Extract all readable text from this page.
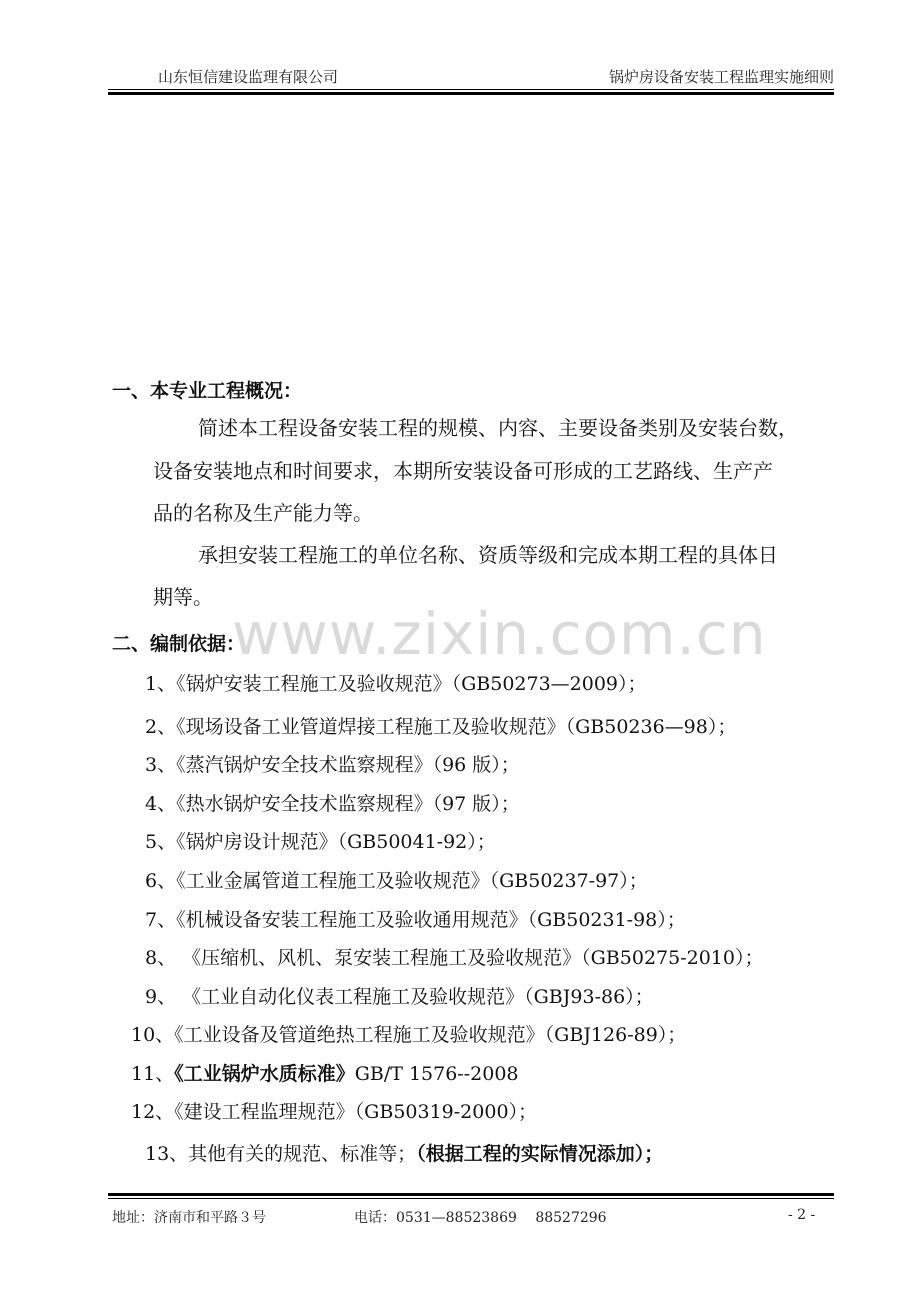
山东恒信建设监理有限公司	锅炉房设备安装工程监理实施细则
一、本专业工程概况：
简述本工程设备安装工程的规模、内容、主要设备类别及安装台数，
设备安装地点和时间要求，本期所安装设备可形成的工艺路线、生产产
品的名称及生产能力等。
承担安装工程施工的单位名称、资质等级和完成本期工程的具体日
期等。
www.zixin.com.cn
二、编制依据：
1、《锅炉安装工程施工及验收规范》（GB50273—2009）；
2、《现场设备工业管道焊接工程施工及验收规范》（GB50236—98）；
3、《蒸汽锅炉安全技术监察规程》（96 版）；
4、《热水锅炉安全技术监察规程》（97 版）；
5、《锅炉房设计规范》（GB50041-92）；
6、《工业金属管道工程施工及验收规范》（GB50237-97）；
7、《机械设备安装工程施工及验收通用规范》（GB50231-98）；
8、 《压缩机、风机、泵安装工程施工及验收规范》（GB50275-2010）；
9、 《工业自动化仪表工程施工及验收规范》（GBJ93-86）；
10、《工业设备及管道绝热工程施工及验收规范》（GBJ126-89）；
11、《工业锅炉水质标准》GB/T 1576--2008
12、《建设工程监理规范》（GB50319-2000）；
13、其他有关的规范、标准等；（根据工程的实际情况添加）；
地址：济南市和平路３号	电话：0531—88523869　 88527296	- 2 -
